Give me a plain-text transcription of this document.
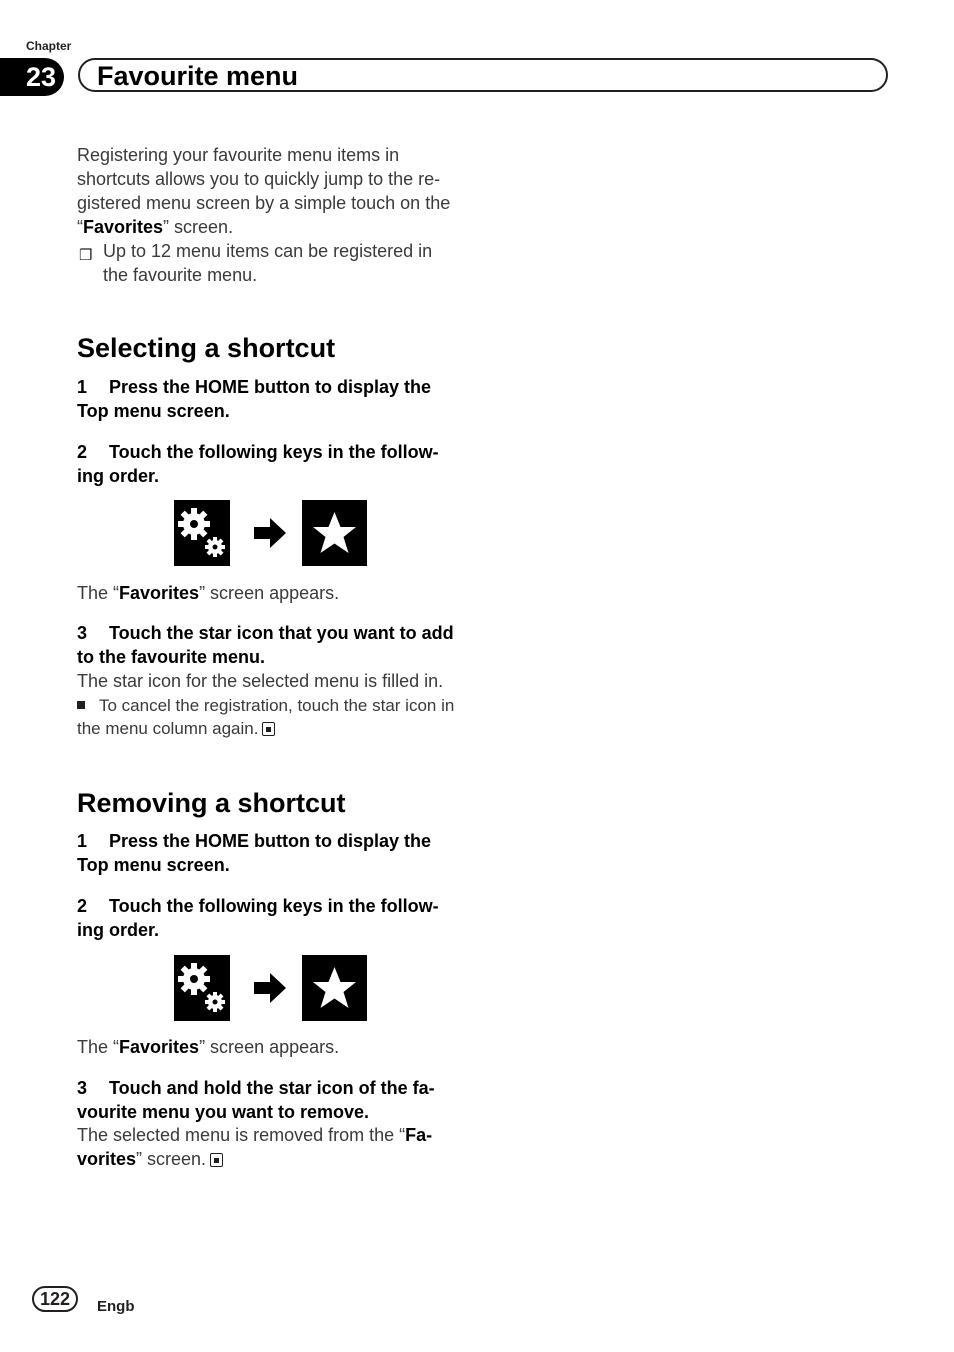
Chapter
23 Favourite menu

Registering your favourite menu items in shortcuts allows you to quickly jump to the re-gistered menu screen by a simple touch on the “Favorites” screen.

❒ Up to 12 menu items can be registered in the favourite menu.
Selecting a shortcut
1 Press the HOME button to display the Top menu screen.
2 Touch the following keys in the follow-ing order.
The “Favorites” screen appears.
3 Touch the star icon that you want to add to the favourite menu.
The star icon for the selected menu is filled in.
To cancel the registration, touch the star icon in the menu column again.
Removing a shortcut
1 Press the HOME button to display the Top menu screen.
2 Touch the following keys in the follow-ing order.
The “Favorites” screen appears.
3 Touch and hold the star icon of the fa-vourite menu you want to remove.
The selected menu is removed from the “Fa-vorites” screen.
122	Engb
